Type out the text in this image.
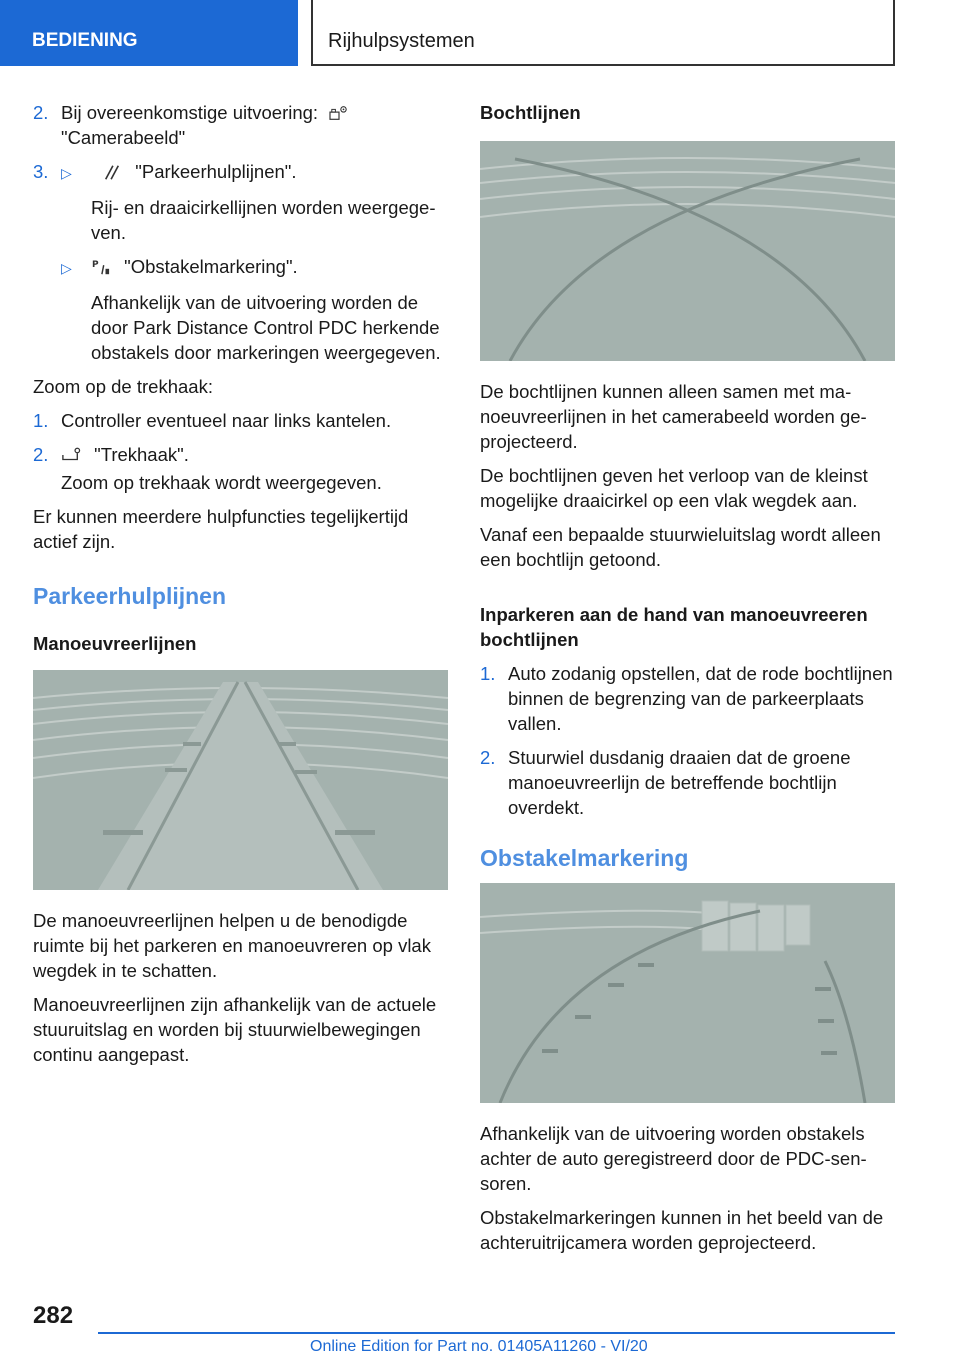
BEDIENING	Rijhulpsystemen
2. Bij overeenkomstige uitvoering:
"Camerabeeld"
3. ▷	"Parkeerhulplijnen".
Rij- en draaicirkellijnen worden weergegeven.
▷	P "Obstakelmarkering".
Afhankelijk van de uitvoering worden de door Park Distance Control PDC herkende obstakels door markeringen weergegeven.

Zoom op de trekhaak:

1. Controller eventueel naar links kantelen.
2.	"Trekhaak".
Zoom op trekhaak wordt weergegeven.

Er kunnen meerdere hulpfuncties tegelijkertijd actief zijn.

Parkeerhulplijnen
Manoeuvreerlijnen

De manoeuvreerlijnen helpen u de benodigde ruimte bij het parkeren en manoeuvreren op vlak wegdek in te schatten.

Manoeuvreerlijnen zijn afhankelijk van de actuele stuuruitslag en worden bij stuurwielbewegingen continu aangepast.

Bochtlijnen

De bochtlijnen kunnen alleen samen met manoeuvreerlijnen in het camerabeeld worden geprojecteerd.

De bochtlijnen geven het verloop van de kleinst mogelijke draaicirkel op een vlak wegdek aan.

Vanaf een bepaalde stuurwieluitslag wordt alleen een bochtlijn getoond.

Inparkeren aan de hand van manoeuvreeren bochtlijnen
1. Auto zodanig opstellen, dat de rode bochtlijnen binnen de begrenzing van de parkeerplaats vallen.
2. Stuurwiel dusdanig draaien dat de groene manoeuvreerlijn de betreffende bochtlijn overdekt.
Obstakelmarkering

Afhankelijk van de uitvoering worden obstakels achter de auto geregistreerd door de PDC-sensoren.

Obstakelmarkeringen kunnen in het beeld van de achteruitrijcamera worden geprojecteerd.

282
Online Edition for Part no. 01405A11260 - VI/20
